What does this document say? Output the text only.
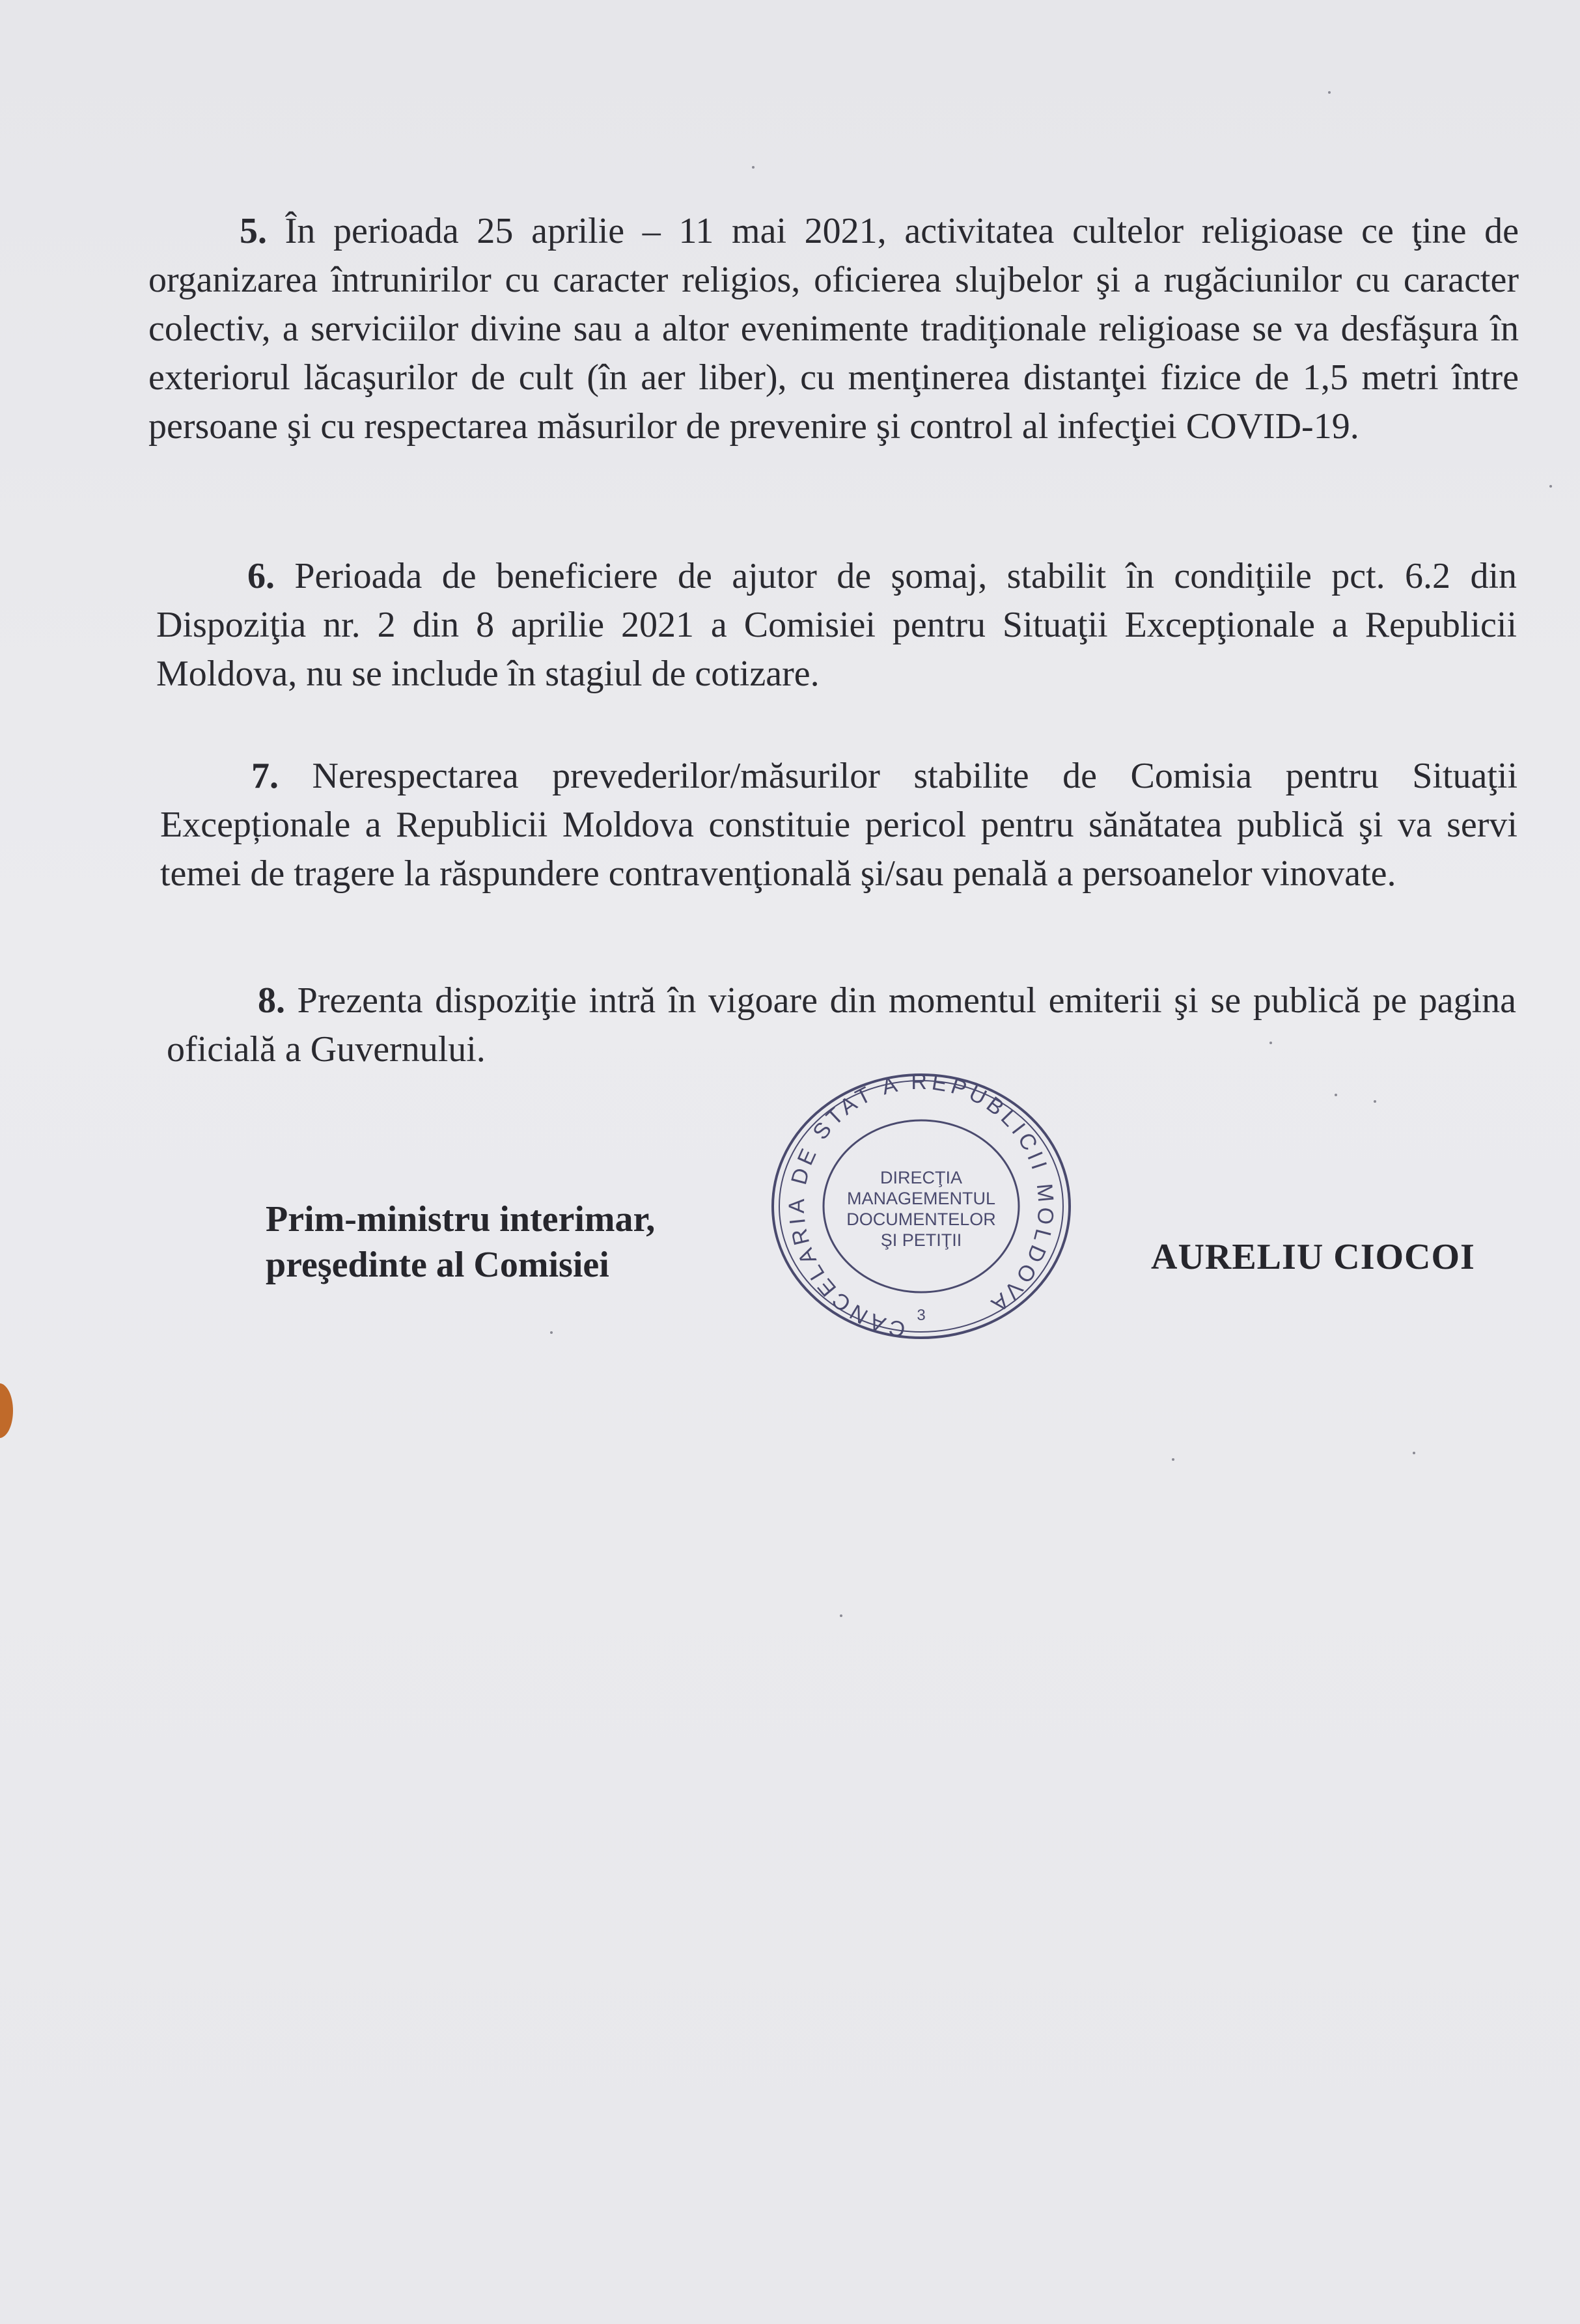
5. În perioada 25 aprilie – 11 mai 2021, activitatea cultelor religioase ce ţine de organizarea întrunirilor cu caracter religios, oficierea slujbelor şi a rugăciunilor cu caracter colectiv, a serviciilor divine sau a altor evenimente tradiţionale religioase se va desfăşura în exteriorul lăcaşurilor de cult (în aer liber), cu menţinerea distanţei fizice de 1,5 metri între persoane şi cu respectarea măsurilor de prevenire şi control al infecţiei COVID-19.

6. Perioada de beneficiere de ajutor de şomaj, stabilit în condiţiile pct. 6.2 din Dispoziţia nr. 2 din 8 aprilie 2021 a Comisiei pentru Situaţii Excepţionale a Republicii Moldova, nu se include în stagiul de cotizare.

7. Nerespectarea prevederilor/măsurilor stabilite de Comisia pentru Situaţii Excepționale a Republicii Moldova constituie pericol pentru sănătatea publică şi va servi temei de tragere la răspundere contravenţională şi/sau penală a persoanelor vinovate.

8. Prezenta dispoziţie intră în vigoare din momentul emiterii şi se publică pe pagina oficială a Guvernului.

Prim-ministru interimar,
preşedinte al Comisiei
CANCELARIA DE STAT A REPUBLICII MOLDOVA
DIRECŢIA
MANAGEMENTUL
DOCUMENTELOR
ŞI PETIŢII
3
AURELIU CIOCOI
